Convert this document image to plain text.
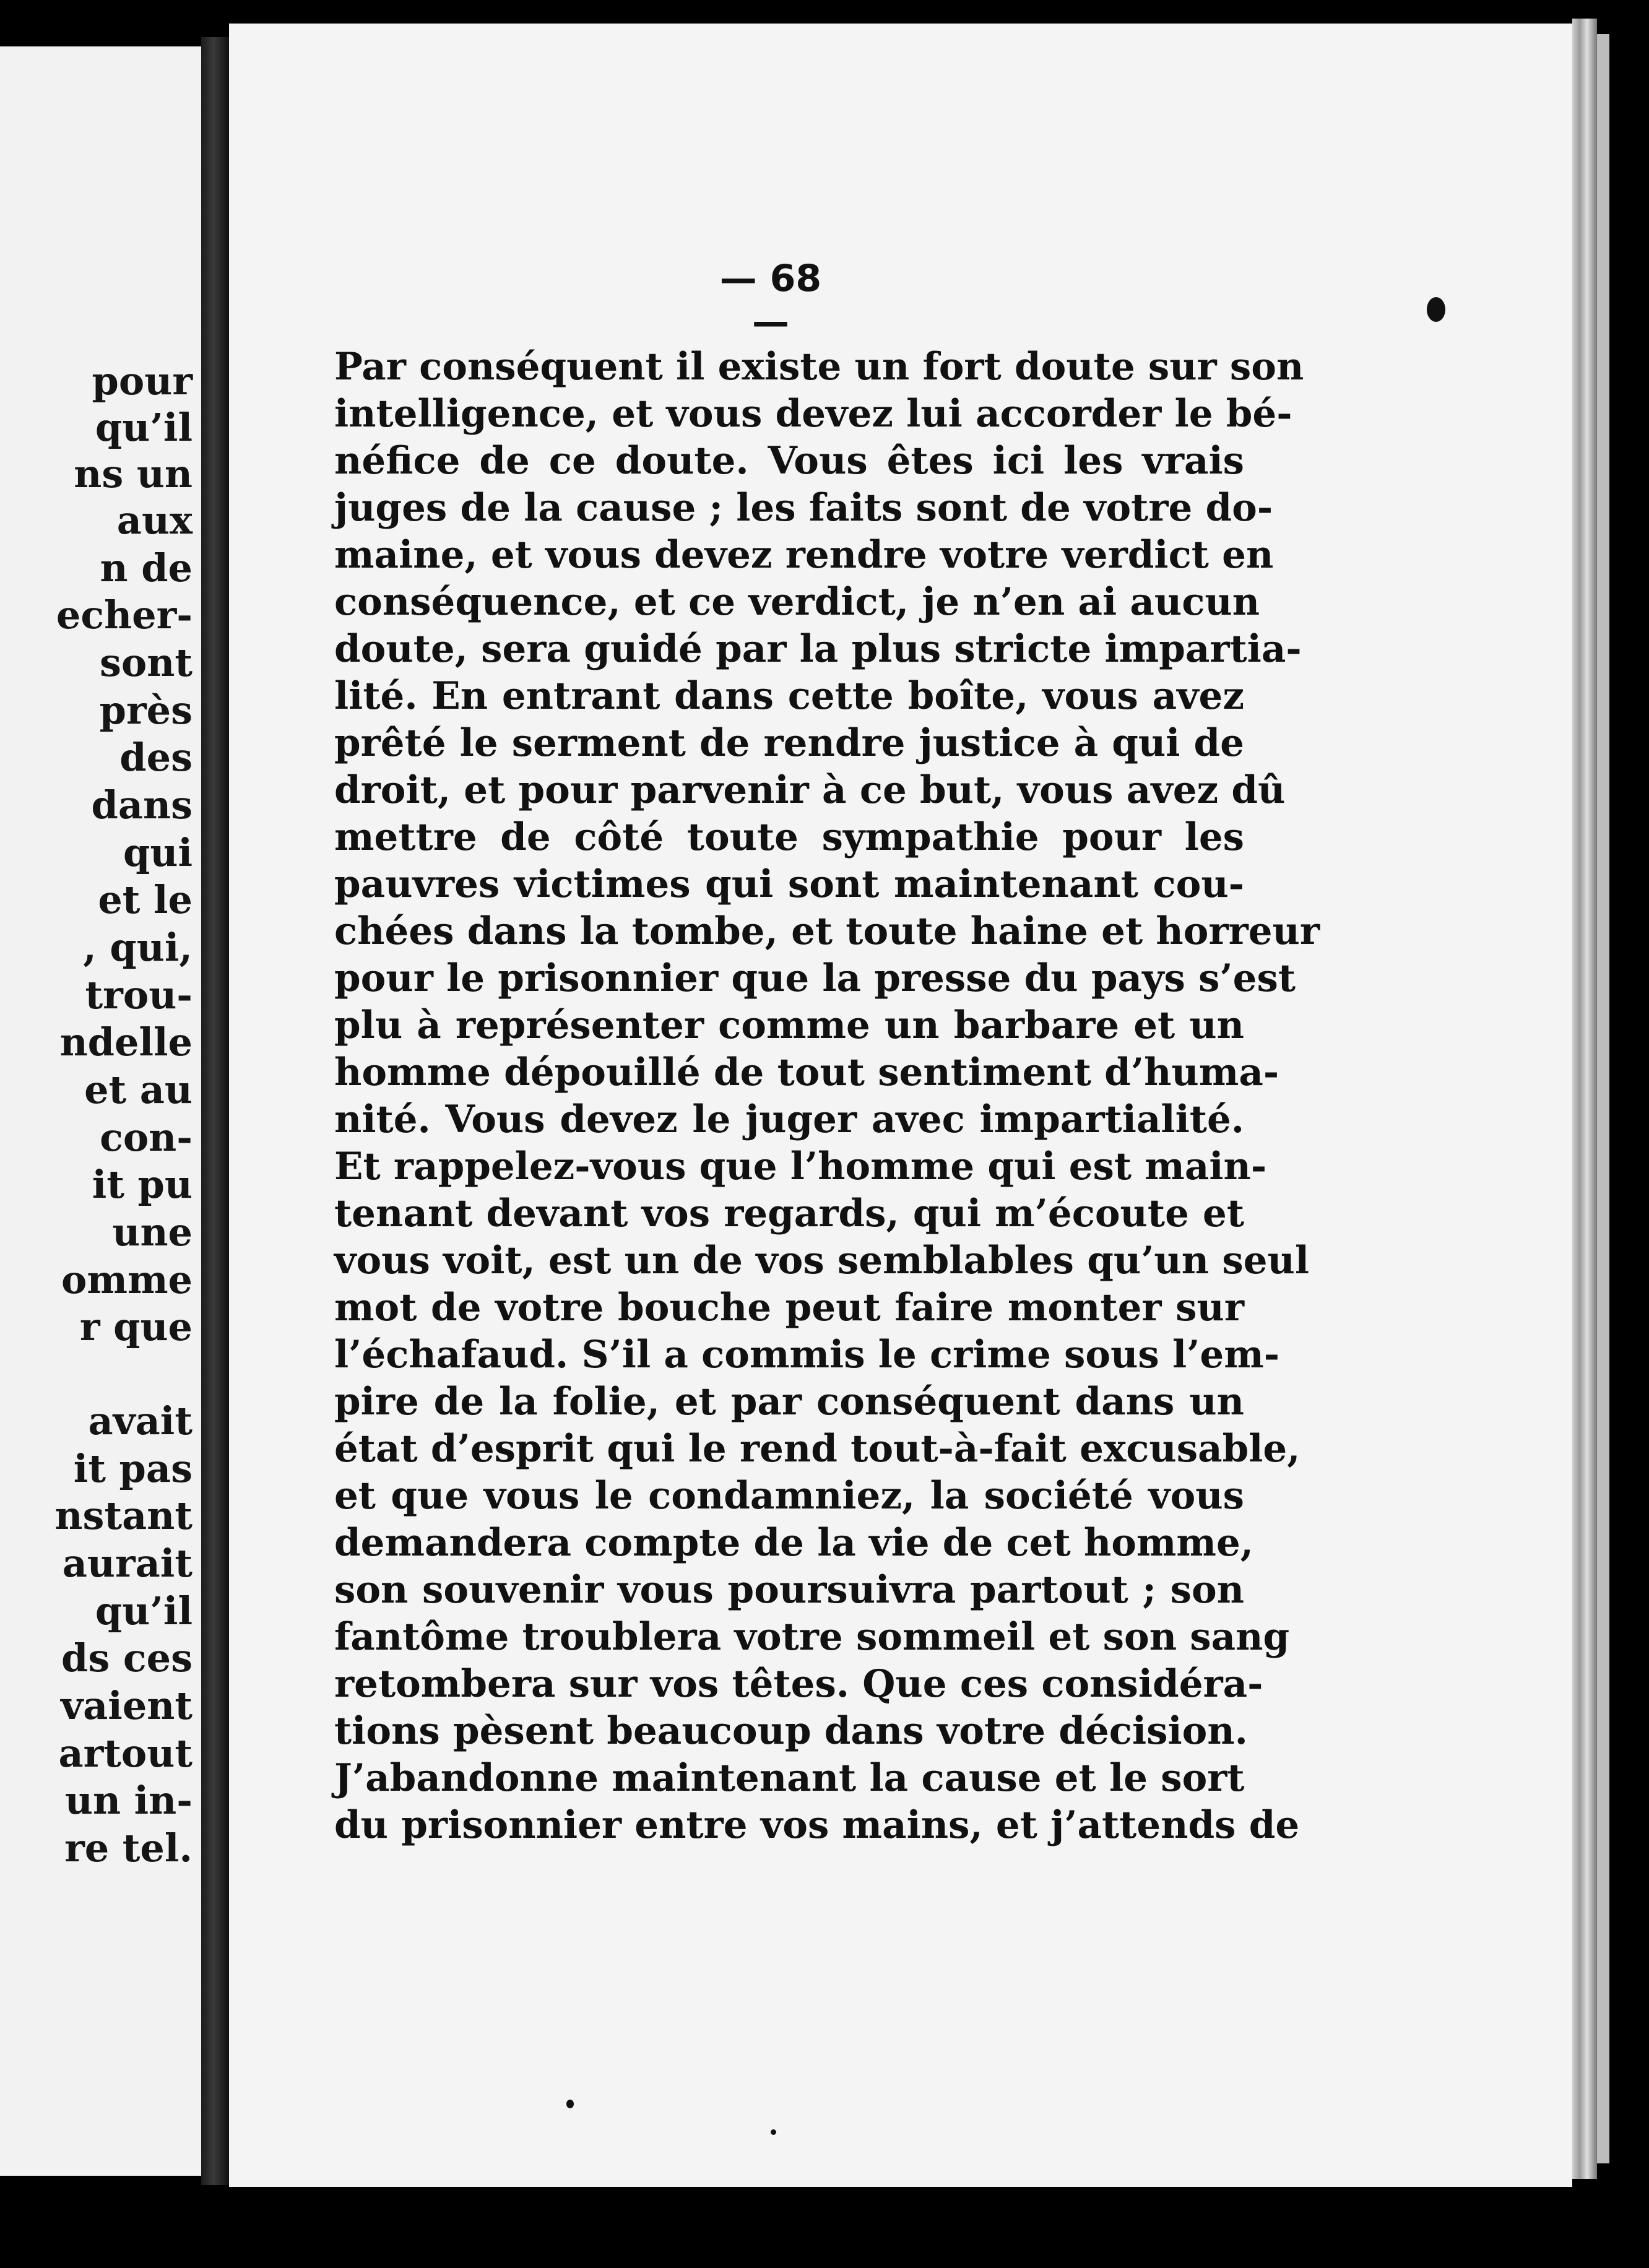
pour
qu’il
ns un
aux
n de
echer-
sont
près
des
dans
qui
et le
, qui,
trou-
ndelle
et au
con-
it pu
une
omme
r que
avait
it pas
nstant
aurait
qu’il
ds ces
vaient
artout
un in-
re tel.
— 68 —
Par conséquent il existe un fort doute sur son
intelligence, et vous devez lui accorder le bé-
néfice de ce doute. Vous êtes ici les vrais
juges de la cause ; les faits sont de votre do-
maine, et vous devez rendre votre verdict en
conséquence, et ce verdict, je n’en ai aucun
doute, sera guidé par la plus stricte impartia-
lité. En entrant dans cette boîte, vous avez
prêté le serment de rendre justice à qui de
droit, et pour parvenir à ce but, vous avez dû
mettre de côté toute sympathie pour les
pauvres victimes qui sont maintenant cou-
chées dans la tombe, et toute haine et horreur
pour le prisonnier que la presse du pays s’est
plu à représenter comme un barbare et un
homme dépouillé de tout sentiment d’huma-
nité. Vous devez le juger avec impartialité.
Et rappelez-vous que l’homme qui est main-
tenant devant vos regards, qui m’écoute et
vous voit, est un de vos semblables qu’un seul
mot de votre bouche peut faire monter sur
l’échafaud. S’il a commis le crime sous l’em-
pire de la folie, et par conséquent dans un
état d’esprit qui le rend tout-à-fait excusable,
et que vous le condamniez, la société vous
demandera compte de la vie de cet homme,
son souvenir vous poursuivra partout ; son
fantôme troublera votre sommeil et son sang
retombera sur vos têtes. Que ces considéra-
tions pèsent beaucoup dans votre décision.
J’abandonne maintenant la cause et le sort
du prisonnier entre vos mains, et j’attends de
